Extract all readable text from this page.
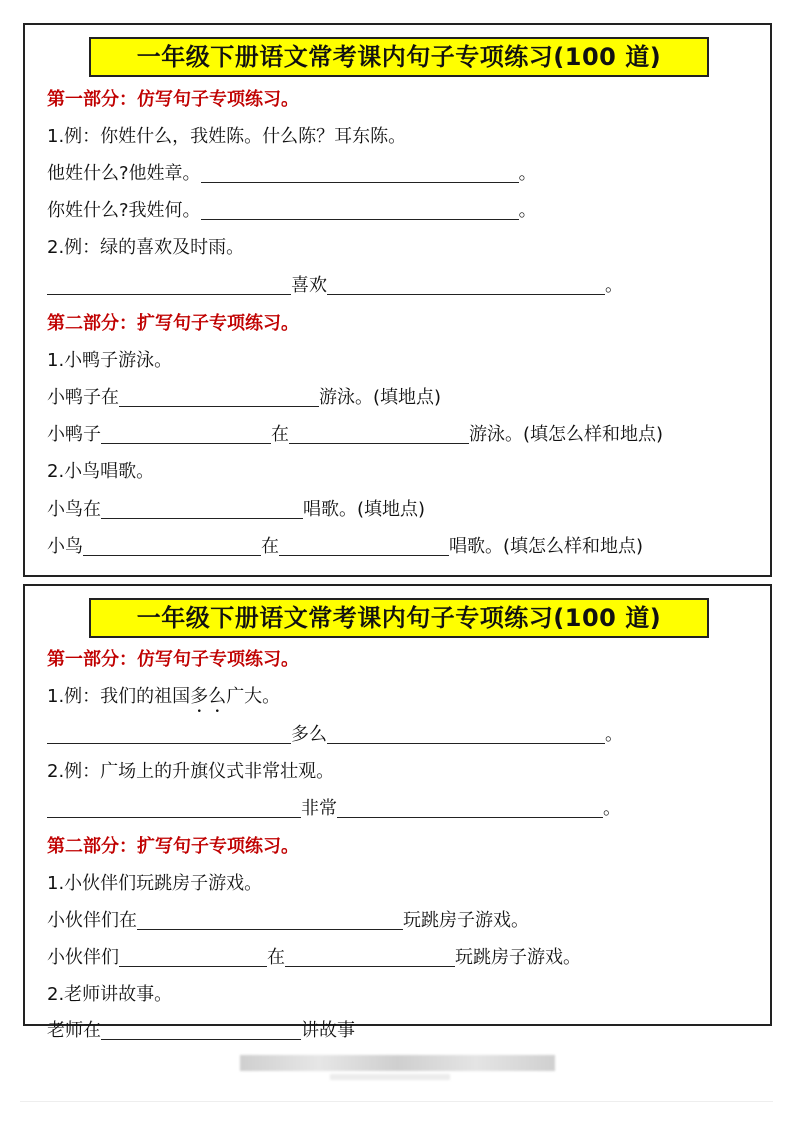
一年级下册语文常考课内句子专项练习(100 道)
第一部分：仿写句子专项练习。
1.例：你姓什么，我姓陈。什么陈？耳东陈。
他姓什么?他姓章。	。
你姓什么?我姓何。	。
2.例：绿的喜欢及时雨。
喜欢	。
第二部分：扩写句子专项练习。
1.小鸭子游泳。
小鸭子在	游泳。(填地点)
小鸭子	在	游泳。(填怎么样和地点)
2.小鸟唱歌。
小鸟在	唱歌。(填地点)
小鸟	在	唱歌。(填怎么样和地点)
一年级下册语文常考课内句子专项练习(100 道)
第一部分：仿写句子专项练习。
1.例：我们的祖国多么广大。
多么	。
2.例：广场上的升旗仪式非常壮观。
非常	。
第二部分：扩写句子专项练习。
1.小伙伴们玩跳房子游戏。
小伙伴们在	玩跳房子游戏。
小伙伴们	在	玩跳房子游戏。
2.老师讲故事。
老师在	讲故事
